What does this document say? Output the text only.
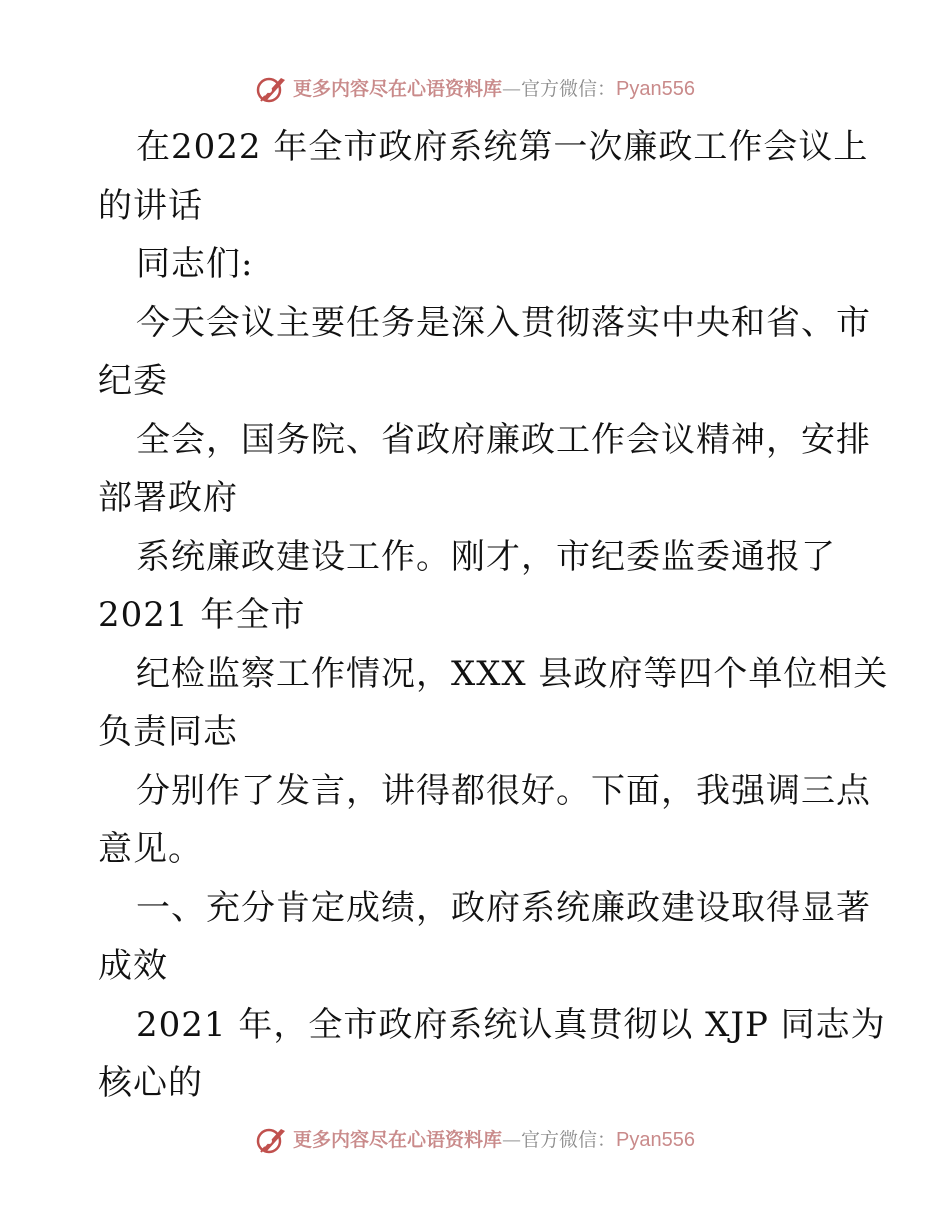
更多内容尽在心语资料库 — 官方微信： Pyan556
在2022 年全市政府系统第一次廉政工作会议上
的讲话
同志们:
今天会议主要任务是深入贯彻落实中央和省、市
纪委
全会，国务院、省政府廉政工作会议精神，安排
部署政府
系统廉政建设工作。刚才，市纪委监委通报了
2021 年全市
纪检监察工作情况，XXX 县政府等四个单位相关
负责同志
分别作了发言，讲得都很好。下面，我强调三点
意见。
一、充分肯定成绩，政府系统廉政建设取得显著
成效
2021 年，全市政府系统认真贯彻以 XJP 同志为
核心的
更多内容尽在心语资料库 — 官方微信： Pyan556
